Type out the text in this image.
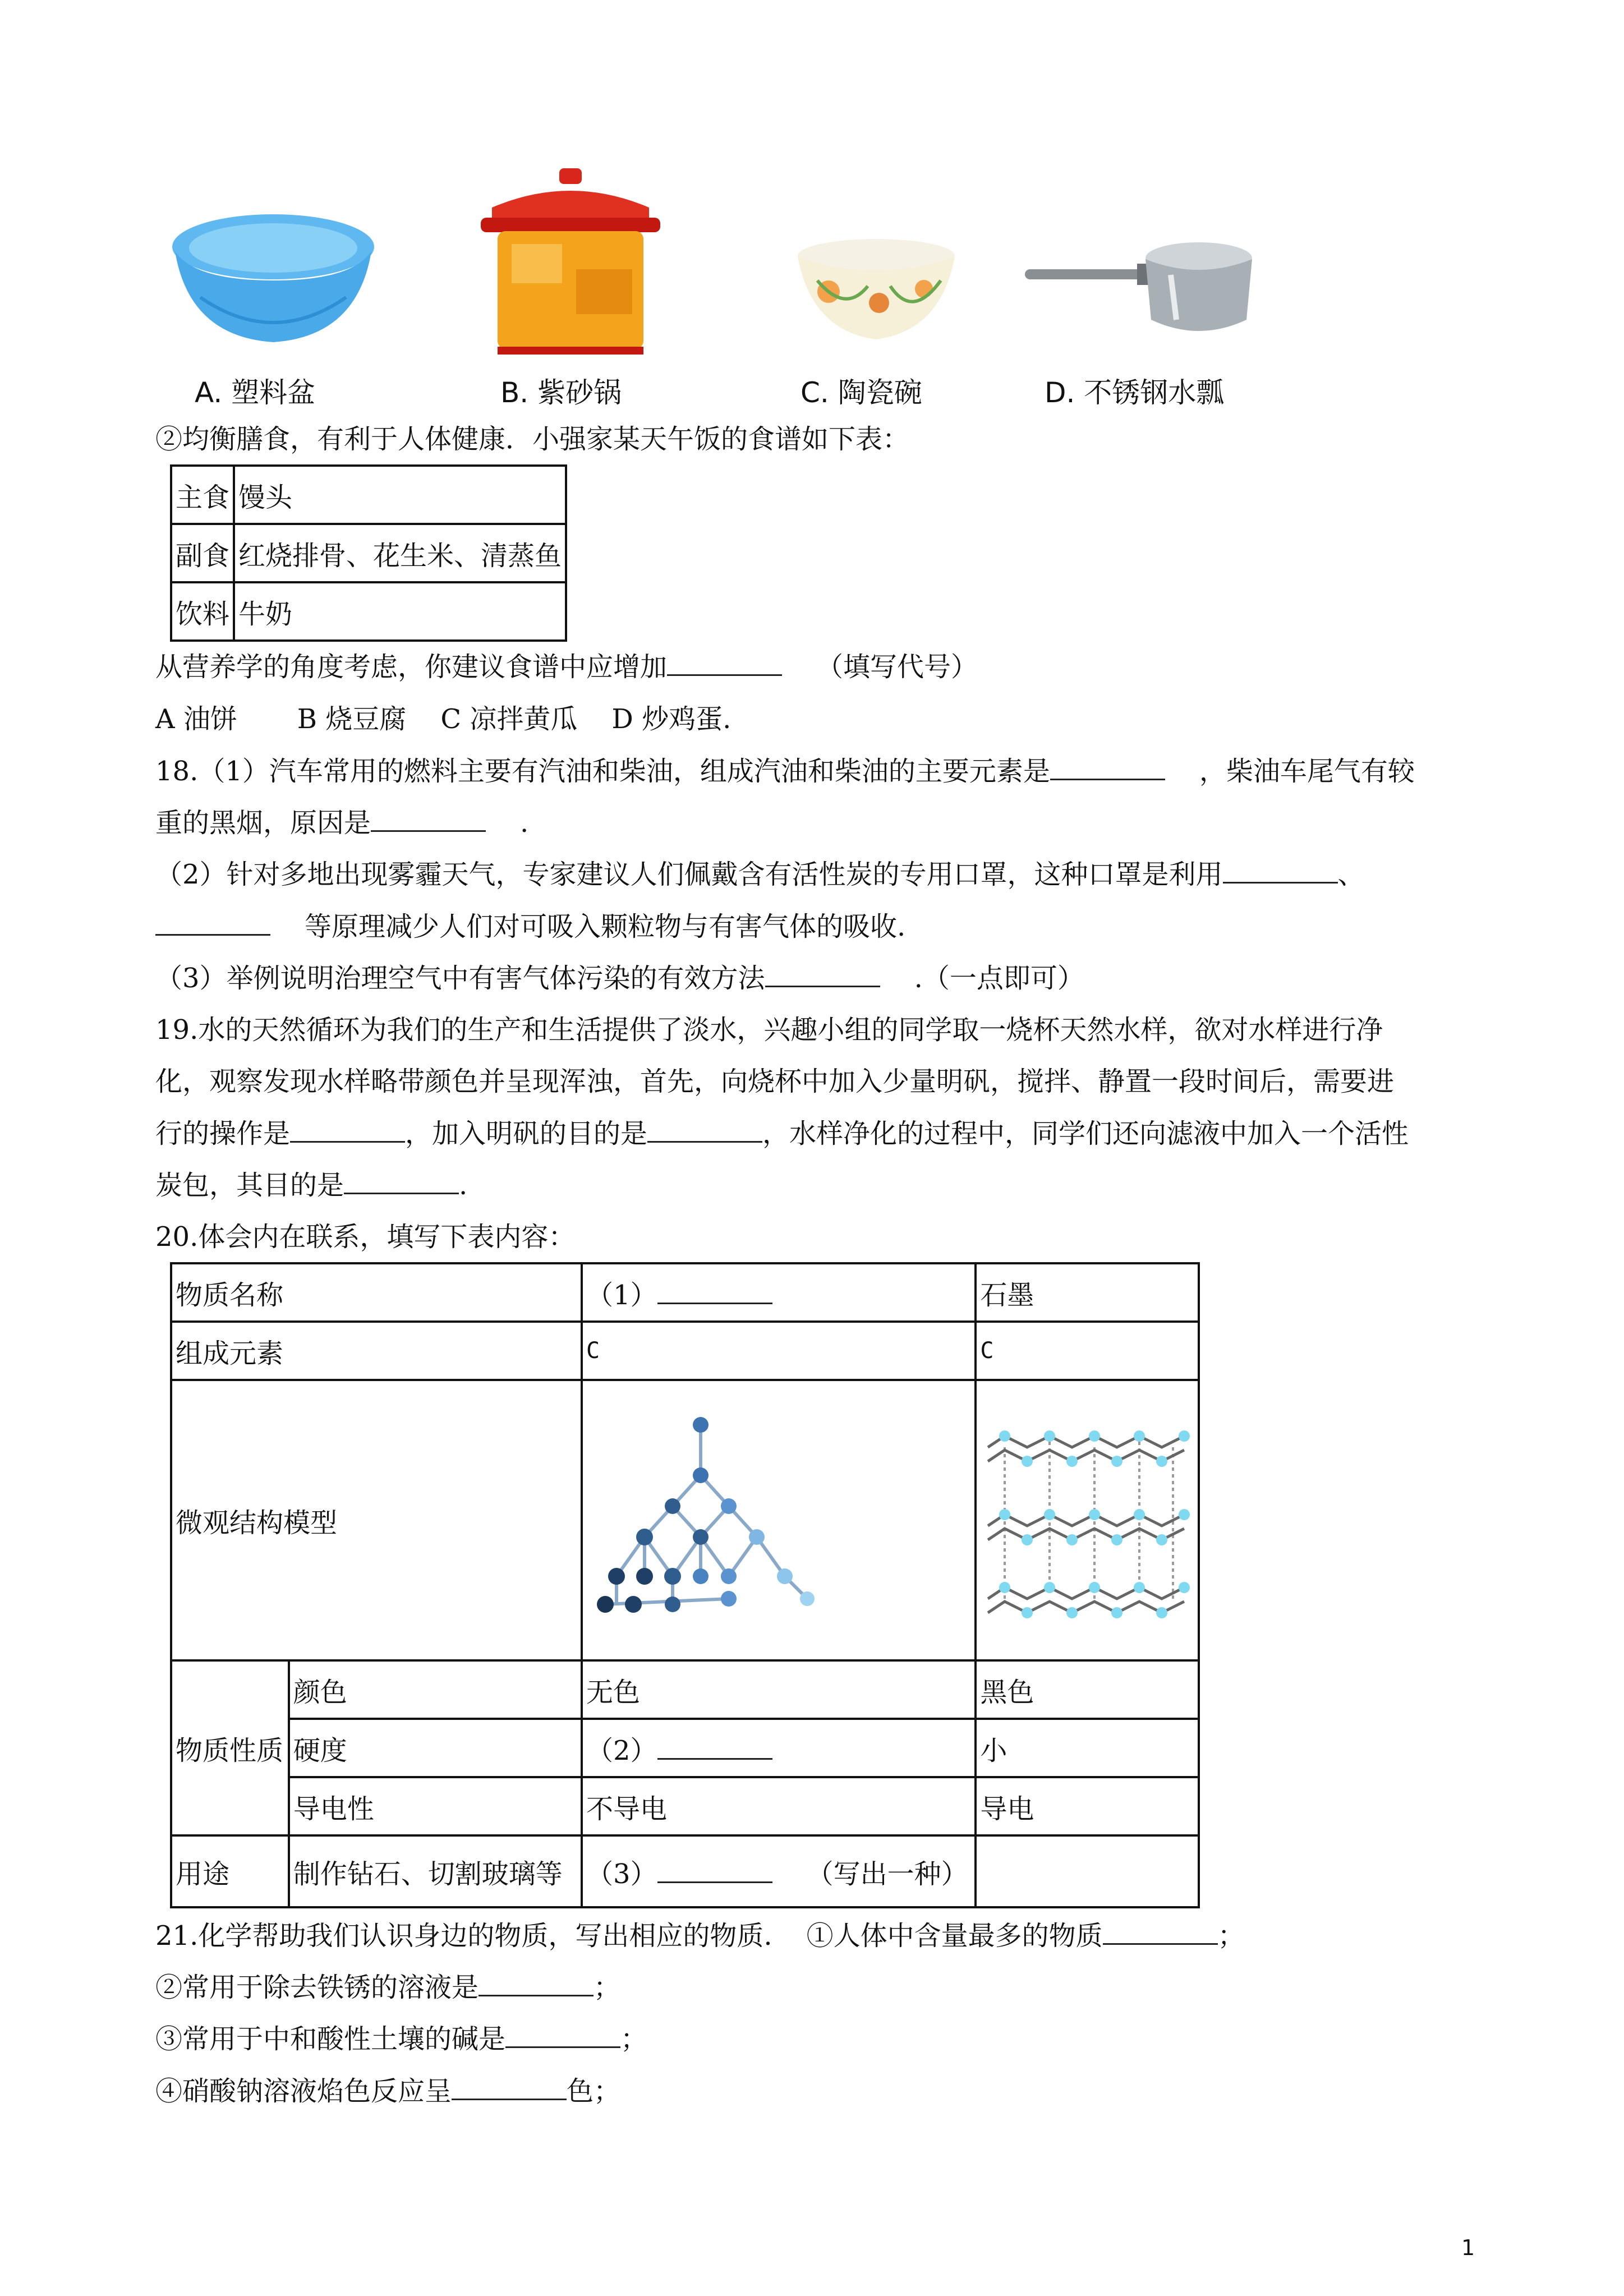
A. 塑料盆	B. 紫砂锅	C. 陶瓷碗	D. 不锈钢水瓢
②均衡膳食，有利于人体健康．小强家某天午饭的食谱如下表：
主食	馒头
副食	红烧排骨、花生米、清蒸鱼
饮料	牛奶
从营养学的角度考虑，你建议食谱中应增加	（填写代号）
A 油饼 B 烧豆腐 C 凉拌黄瓜 D 炒鸡蛋.
18.（1）汽车常用的燃料主要有汽油和柴油，组成汽油和柴油的主要元素是	，柴油车尾气有较
重的黑烟，原因是	.
（2）针对多地出现雾霾天气，专家建议人们佩戴含有活性炭的专用口罩，这种口罩是利用	、
等原理减少人们对可吸入颗粒物与有害气体的吸收.
（3）举例说明治理空气中有害气体污染的有效方法	.（一点即可）
19.水的天然循环为我们的生产和生活提供了淡水，兴趣小组的同学取一烧杯天然水样，欲对水样进行净
化，观察发现水样略带颜色并呈现浑浊，首先，向烧杯中加入少量明矾，搅拌、静置一段时间后，需要进
行的操作是	，加入明矾的目的是	，水样净化的过程中，同学们还向滤液中加入一个活性
炭包，其目的是	.
20.体会内在联系，填写下表内容：
物质名称		（1）	石墨
组成元素		C	C
微观结构模型	

物质性质	颜色	无色	黑色
	硬度	（2）	小
	导电性	不导电	导电
用途	制作钻石、切割玻璃等	（3） （写出一种）	
21.化学帮助我们认识身边的物质，写出相应的物质. ①人体中含量最多的物质	；
②常用于除去铁锈的溶液是	；
③常用于中和酸性土壤的碱是	；
④硝酸钠溶液焰色反应呈	色；
1
